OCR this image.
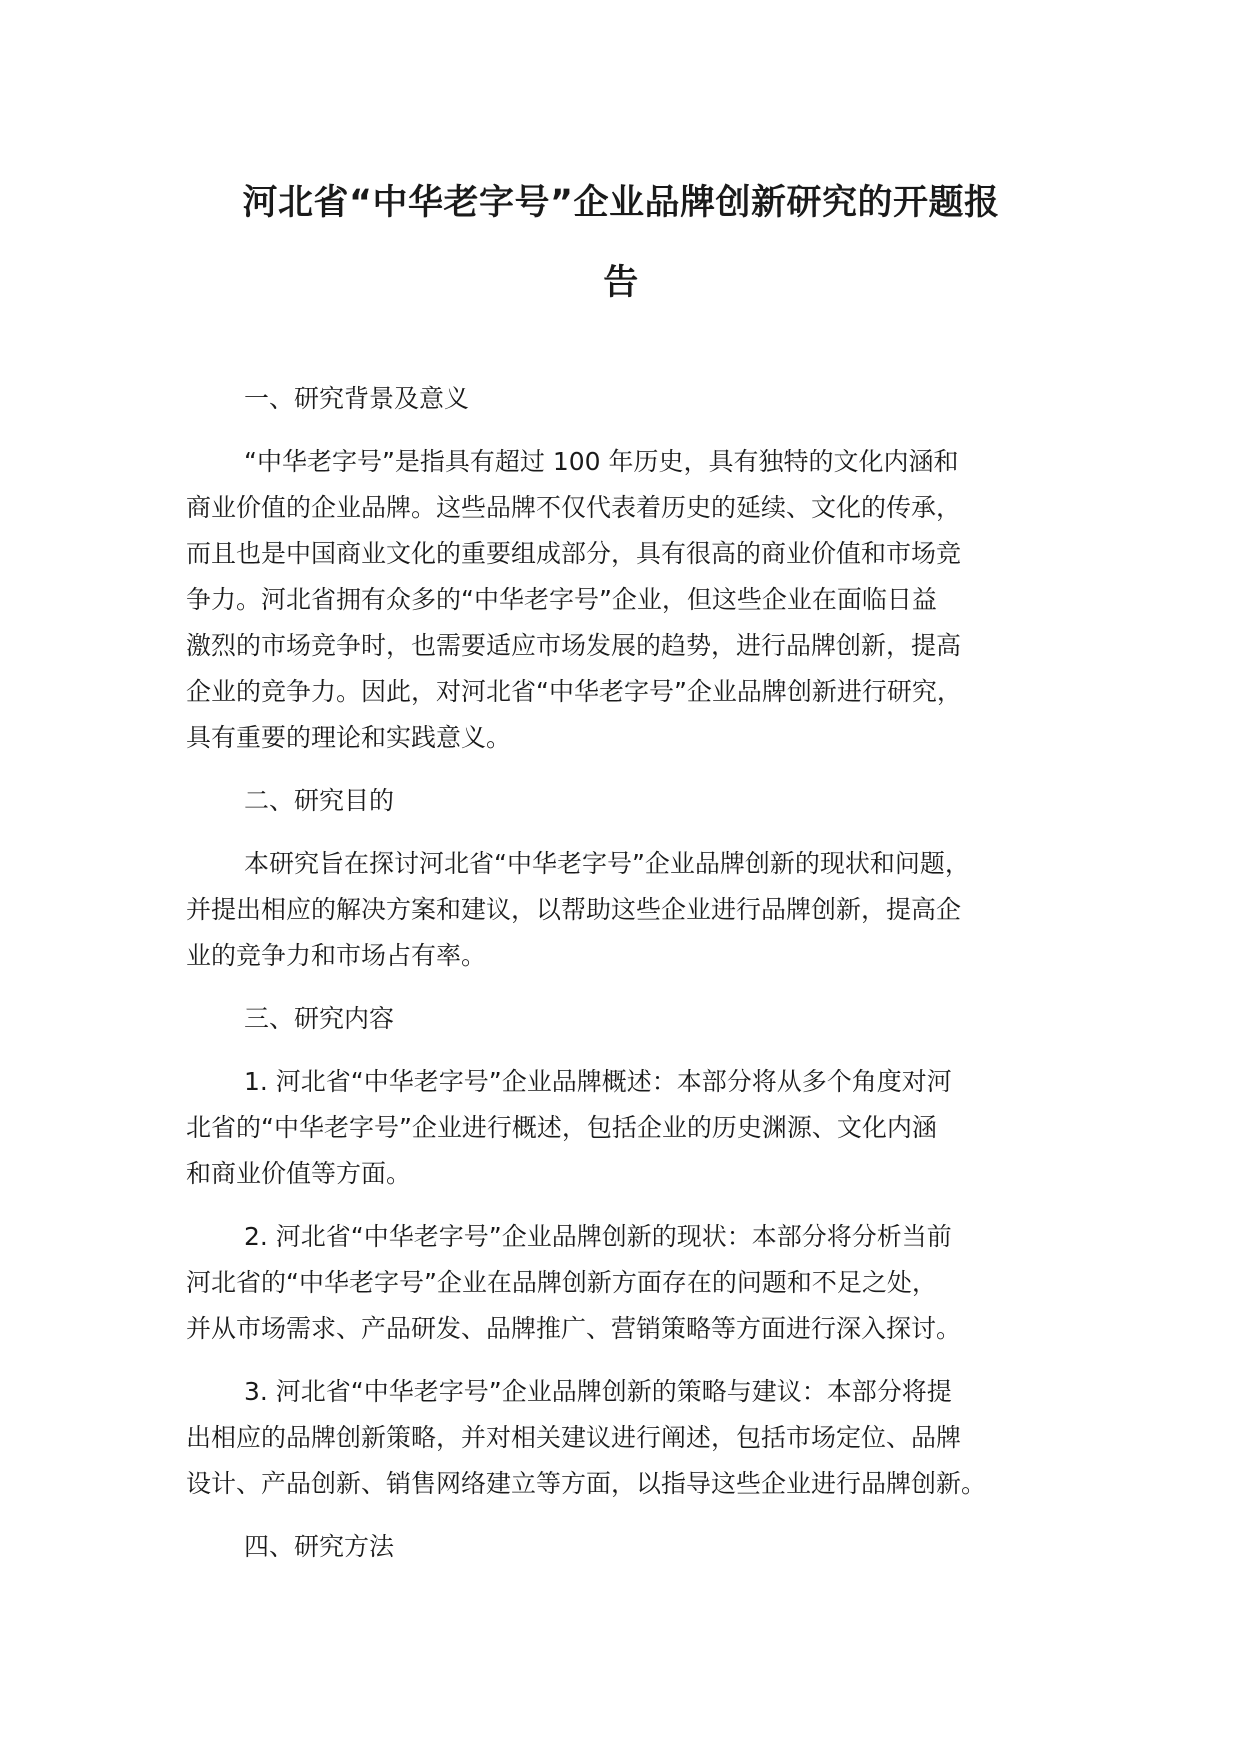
河北省“中华老字号”企业品牌创新研究的开题报
告
一、研究背景及意义
“中华老字号”是指具有超过 100 年历史，具有独特的文化内涵和
商业价值的企业品牌。这些品牌不仅代表着历史的延续、文化的传承，
而且也是中国商业文化的重要组成部分，具有很高的商业价值和市场竞
争力。河北省拥有众多的“中华老字号”企业，但这些企业在面临日益
激烈的市场竞争时，也需要适应市场发展的趋势，进行品牌创新，提高
企业的竞争力。因此，对河北省“中华老字号”企业品牌创新进行研究，
具有重要的理论和实践意义。
二、研究目的
本研究旨在探讨河北省“中华老字号”企业品牌创新的现状和问题，
并提出相应的解决方案和建议，以帮助这些企业进行品牌创新，提高企
业的竞争力和市场占有率。
三、研究内容
1. 河北省“中华老字号”企业品牌概述：本部分将从多个角度对河
北省的“中华老字号”企业进行概述，包括企业的历史渊源、文化内涵
和商业价值等方面。
2. 河北省“中华老字号”企业品牌创新的现状：本部分将分析当前
河北省的“中华老字号”企业在品牌创新方面存在的问题和不足之处，
并从市场需求、产品研发、品牌推广、营销策略等方面进行深入探讨。
3. 河北省“中华老字号”企业品牌创新的策略与建议：本部分将提
出相应的品牌创新策略，并对相关建议进行阐述，包括市场定位、品牌
设计、产品创新、销售网络建立等方面，以指导这些企业进行品牌创新。
四、研究方法
